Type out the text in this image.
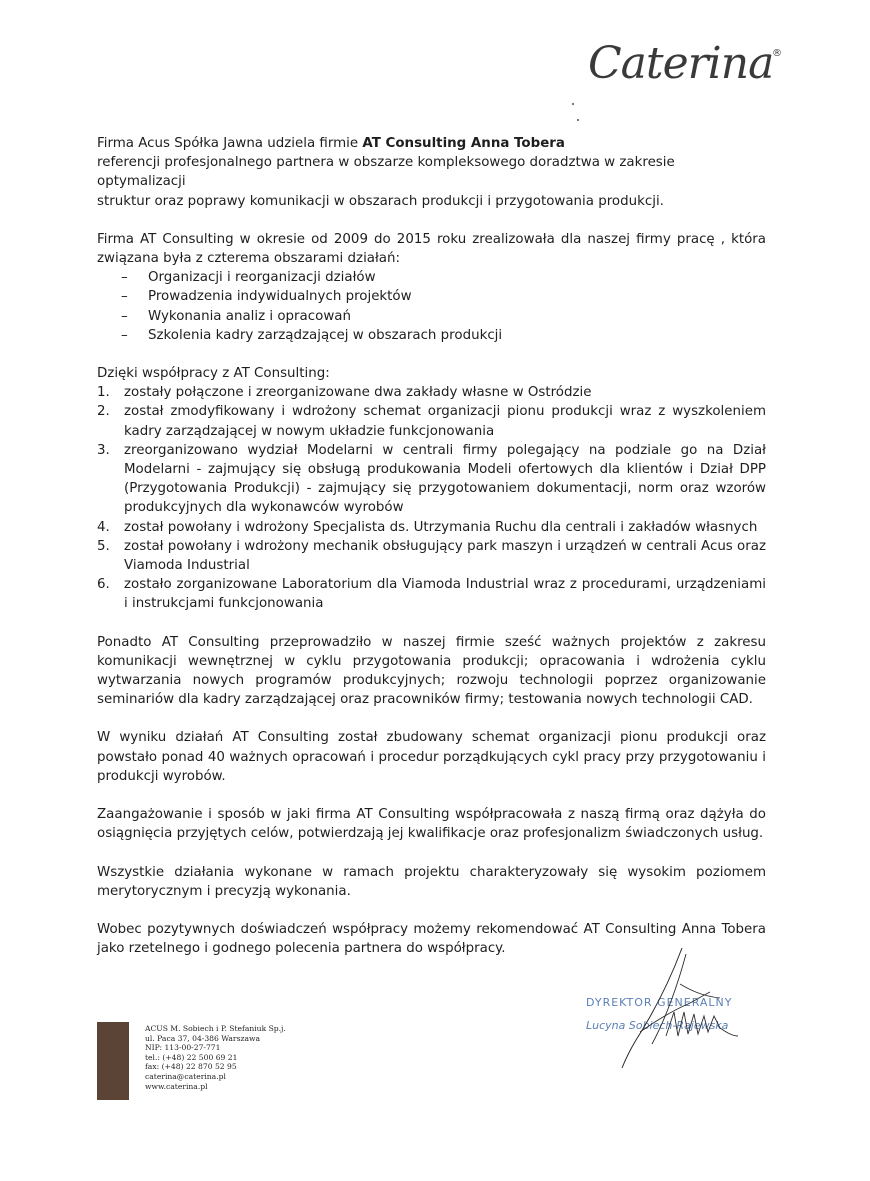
Caterina
®

Firma Acus Spółka Jawna udziela firmie AT Consulting Anna Tobera
referencji profesjonalnego partnera w obszarze kompleksowego doradztwa w zakresie optymalizacji
struktur oraz poprawy komunikacji w obszarach produkcji i przygotowania produkcji.

Firma AT Consulting w okresie od 2009 do 2015 roku zrealizowała dla naszej firmy pracę , która związana była z czterema obszarami działań:

– Organizacji i reorganizacji działów
– Prowadzenia indywidualnych projektów
– Wykonania analiz i opracowań
– Szkolenia kadry zarządzającej w obszarach produkcji
Dzięki współpracy z AT Consulting:
1. zostały połączone i zreorganizowane dwa zakłady własne w Ostródzie
2. został zmodyfikowany i wdrożony schemat organizacji pionu produkcji wraz z wyszkoleniem kadry zarządzającej w nowym układzie funkcjonowania
3. zreorganizowano wydział Modelarni w centrali firmy polegający na podziale go na Dział Modelarni - zajmujący się obsługą produkowania Modeli ofertowych dla klientów i Dział DPP (Przygotowania Produkcji) - zajmujący się przygotowaniem dokumentacji, norm oraz wzorów produkcyjnych dla wykonawców wyrobów
4. został powołany i wdrożony Specjalista ds. Utrzymania Ruchu dla centrali i zakładów własnych
5. został powołany i wdrożony mechanik obsługujący park maszyn i urządzeń w centrali Acus oraz Viamoda Industrial
6. zostało zorganizowane Laboratorium dla Viamoda Industrial wraz z procedurami, urządzeniami i instrukcjami funkcjonowania

Ponadto AT Consulting przeprowadziło w naszej firmie sześć ważnych projektów z zakresu komunikacji wewnętrznej w cyklu przygotowania produkcji; opracowania i wdrożenia cyklu wytwarzania nowych programów produkcyjnych; rozwoju technologii poprzez organizowanie seminariów dla kadry zarządzającej oraz pracowników firmy; testowania nowych technologii CAD.

W wyniku działań AT Consulting został zbudowany schemat organizacji pionu produkcji oraz powstało ponad 40 ważnych opracowań i procedur porządkujących cykl pracy przy przygotowaniu i produkcji wyrobów.

Zaangażowanie i sposób w jaki firma AT Consulting współpracowała z naszą firmą oraz dążyła do osiągnięcia przyjętych celów, potwierdzają jej kwalifikacje oraz profesjonalizm świadczonych usług.

Wszystkie działania wykonane w ramach projektu charakteryzowały się wysokim poziomem merytorycznym i precyzją wykonania.

Wobec pozytywnych doświadczeń współpracy możemy rekomendować AT Consulting Anna Tobera jako rzetelnego i godnego polecenia partnera do współpracy.

ACUS M. Sobiech i P. Stefaniuk Sp.j.
ul. Paca 37, 04-386 Warszawa
NIP: 113-00-27-771
tel.: (+48) 22 500 69 21
fax: (+48) 22 870 52 95
caterina@caterina.pl
www.caterina.pl
DYREKTOR GENERALNY
Lucyna Sobiech-Rajewska
